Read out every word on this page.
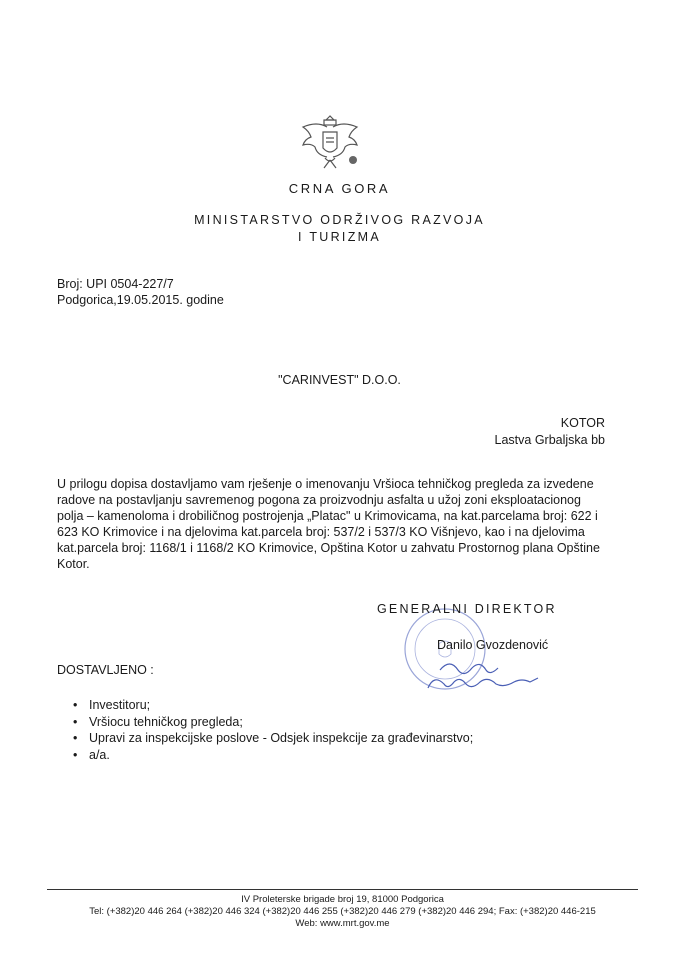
CRNA GORA
MINISTARSTVO ODRŽIVOG RAZVOJA
I TURIZMA
Broj: UPI 0504-227/7
Podgorica,19.05.2015. godine
"CARINVEST" D.O.O.
KOTOR
Lastva Grbaljska bb
U prilogu dopisa dostavljamo vam rješenje o imenovanju Vršioca tehničkog pregleda za izvedene radove na postavljanju savremenog pogona za proizvodnju asfalta u užoj zoni eksploatacionog polja – kamenoloma i drobiličnog postrojenja „Platac" u Krimovicama, na kat.parcelama broj: 622 i 623 KO Krimovice i na djelovima kat.parcela broj: 537/2 i 537/3 KO Višnjevo, kao i na djelovima kat.parcela broj: 1168/1 i 1168/2 KO Krimovice, Opština Kotor u zahvatu Prostornog plana Opštine Kotor.
GENERALNI DIREKTOR
Danilo Gvozdenović
DOSTAVLJENO :
• Investitoru;
• Vršiocu tehničkog pregleda;
• Upravi za inspekcijske poslove - Odsjek inspekcije za građevinarstvo;
• a/a.
IV Proleterske brigade broj 19, 81000 Podgorica
Tel: (+382)20 446 264 (+382)20 446 324 (+382)20 446 255 (+382)20 446 279 (+382)20 446 294; Fax: (+382)20 446-215
Web: www.mrt.gov.me
